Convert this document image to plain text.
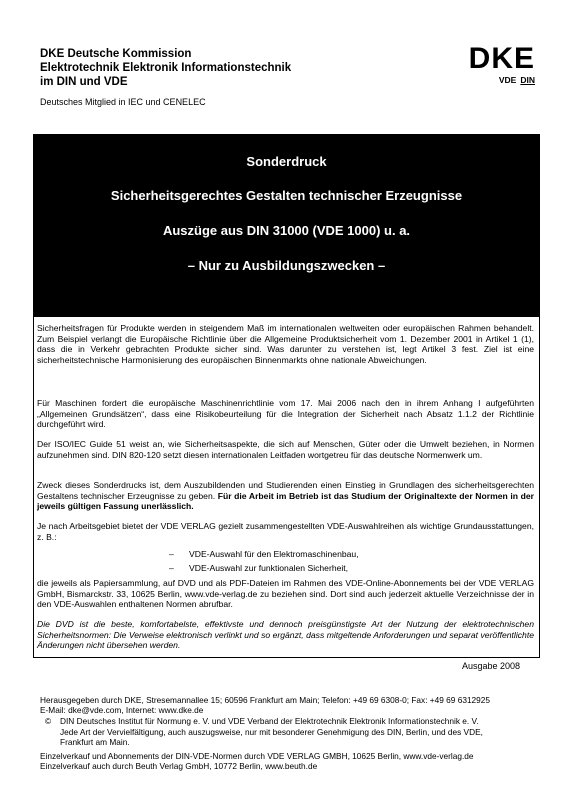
DKE Deutsche Kommission
Elektrotechnik Elektronik Informationstechnik
im DIN und VDE
Deutsches Mitglied in IEC und CENELEC
DKE
VDE DIN
Sonderdruck
Sicherheitsgerechtes Gestalten technischer Erzeugnisse
Auszüge aus DIN 31000 (VDE 1000) u. a.
– Nur zu Ausbildungszwecken –

Sicherheitsfragen für Produkte werden in steigendem Maß im internationalen weltweiten oder europäischen Rahmen behandelt. Zum Beispiel verlangt die Europäische Richtlinie über die Allgemeine Produktsicherheit vom 1. Dezember 2001 in Artikel 1 (1), dass die in Verkehr gebrachten Produkte sicher sind. Was darunter zu verstehen ist, legt Artikel 3 fest. Ziel ist eine sicherheitstechnische Harmonisierung des europäischen Binnenmarkts ohne nationale Abweichungen.

Für Maschinen fordert die europäische Maschinenrichtlinie vom 17. Mai 2006 nach den in ihrem Anhang I aufgeführten „Allgemeinen Grundsätzen“, dass eine Risikobeurteilung für die Integration der Sicherheit nach Absatz 1.1.2 der Richtlinie durchgeführt wird.

Der ISO/IEC Guide 51 weist an, wie Sicherheitsaspekte, die sich auf Menschen, Güter oder die Umwelt beziehen, in Normen aufzunehmen sind. DIN 820-120 setzt diesen internationalen Leitfaden wortgetreu für das deutsche Normenwerk um.

Zweck dieses Sonderdrucks ist, dem Auszubildenden und Studierenden einen Einstieg in Grundlagen des sicherheitsgerechten Gestaltens technischer Erzeugnisse zu geben. Für die Arbeit im Betrieb ist das Studium der Originaltexte der Normen in der jeweils gültigen Fassung unerlässlich.

Je nach Arbeitsgebiet bietet der VDE VERLAG gezielt zusammengestellten VDE-Auswahlreihen als wichtige Grundausstattungen, z. B.:

– VDE-Auswahl für den Elektromaschinenbau,
– VDE-Auswahl zur funktionalen Sicherheit,

die jeweils als Papiersammlung, auf DVD und als PDF-Dateien im Rahmen des VDE-Online-Abonnements bei der VDE VERLAG GmbH, Bismarckstr. 33, 10625 Berlin, www.vde-verlag.de zu beziehen sind. Dort sind auch jederzeit aktuelle Verzeichnisse der in den VDE-Auswahlen enthaltenen Normen abrufbar.

Die DVD ist die beste, komfortabelste, effektivste und dennoch preisgünstigste Art der Nutzung der elektrotechnischen Sicherheitsnormen: Die Verweise elektronisch verlinkt und so ergänzt, dass mitgeltende Anforderungen und separat veröffentlichte Änderungen nicht übersehen werden.

Ausgabe 2008
Herausgegeben durch DKE, Stresemannallee 15; 60596 Frankfurt am Main; Telefon: +49 69 6308-0; Fax: +49 69 6312925
E-Mail: dke@vde.com, Internet: www.dke.de
© DIN Deutsches Institut für Normung e. V. und VDE Verband der Elektrotechnik Elektronik Informationstechnik e. V.
Jede Art der Vervielfältigung, auch auszugsweise, nur mit besonderer Genehmigung des DIN, Berlin, und des VDE,
Frankfurt am Main.
Einzelverkauf und Abonnements der DIN-VDE-Normen durch VDE VERLAG GMBH, 10625 Berlin, www.vde-verlag.de
Einzelverkauf auch durch Beuth Verlag GmbH, 10772 Berlin, www.beuth.de
